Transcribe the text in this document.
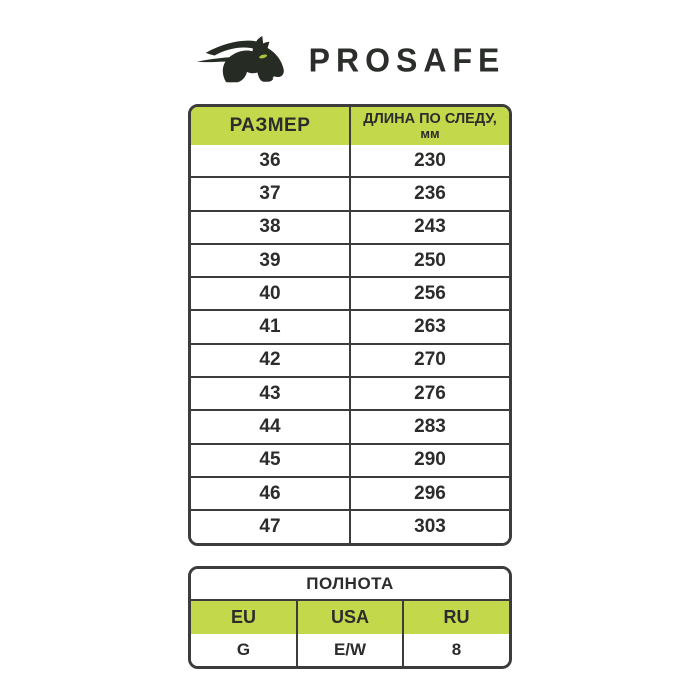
PROSAFE
РАЗМЕР	ДЛИНА ПО СЛЕДУ,
мм

36	230
37	236
38	243
39	250
40	256
41	263
42	270
43	276
44	283
45	290
46	296
47	303
ПОЛНОТА		
EU	USA	RU
G	E/W	8
